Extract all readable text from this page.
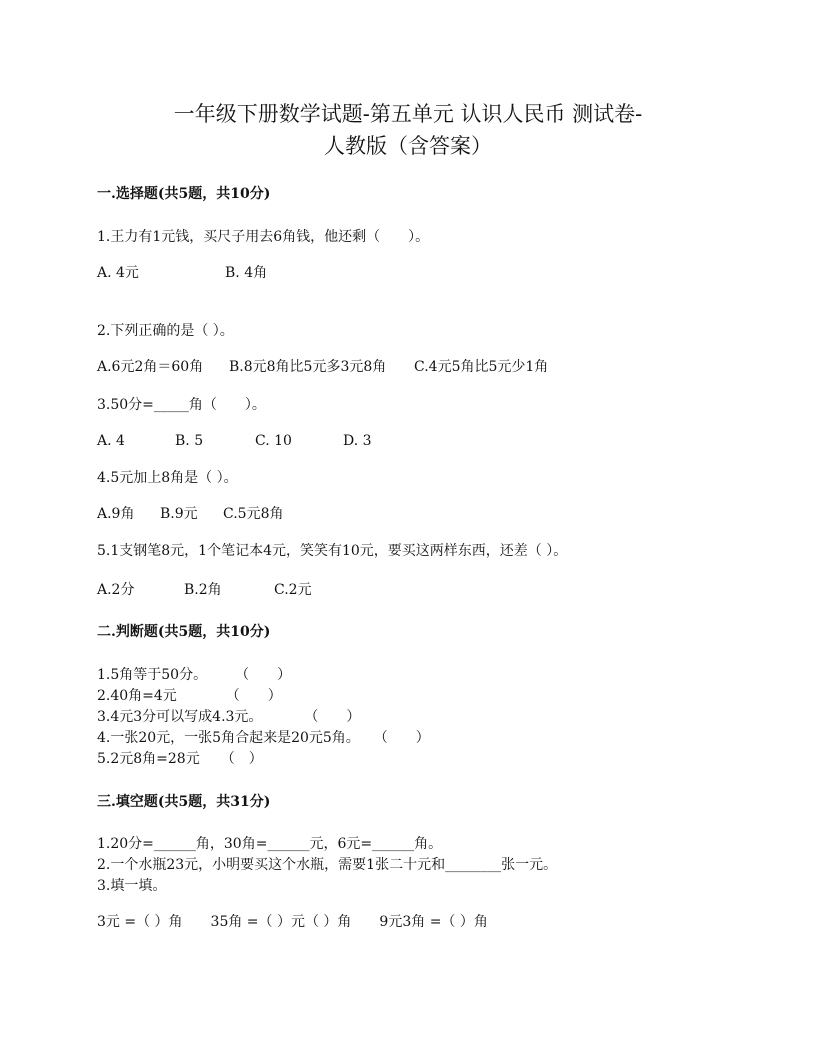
一年级下册数学试题-第五单元 认识人民币 测试卷-
人教版（含答案）
一.选择题(共5题，共10分)
1.王力有1元钱，买尺子用去6角钱，他还剩（　　）。
A. 4元	B. 4角
2.下列正确的是（ ）。
A.6元2角＝60角 B.8元8角比5元多3元8角 C.4元5角比5元少1角
3.50分=_____角（　　）。
A. 4	B. 5	C. 10	D. 3
4.5元加上8角是（ ）。
A.9角 B.9元 C.5元8角
5.1支钢笔8元，1个笔记本4元，笑笑有10元，要买这两样东西，还差（ ）。
A.2分	B.2角	C.2元
二.判断题(共5题，共10分)
1.5角等于50分。　　　（　　）
2.40角=4元　　　　（　　）
3.4元3分可以写成4.3元。　　　　（　　）
4.一张20元，一张5角合起来是20元5角。　　（　　）
5.2元8角=28元　　（　）
三.填空题(共5题，共31分)
1.20分=______角，30角=______元，6元=______角。
2.一个水瓶23元，小明要买这个水瓶，需要1张二十元和________张一元。
3.填一填。
3元 =（ ）角　　35角 =（ ）元（ ）角　　9元3角 =（ ）角
